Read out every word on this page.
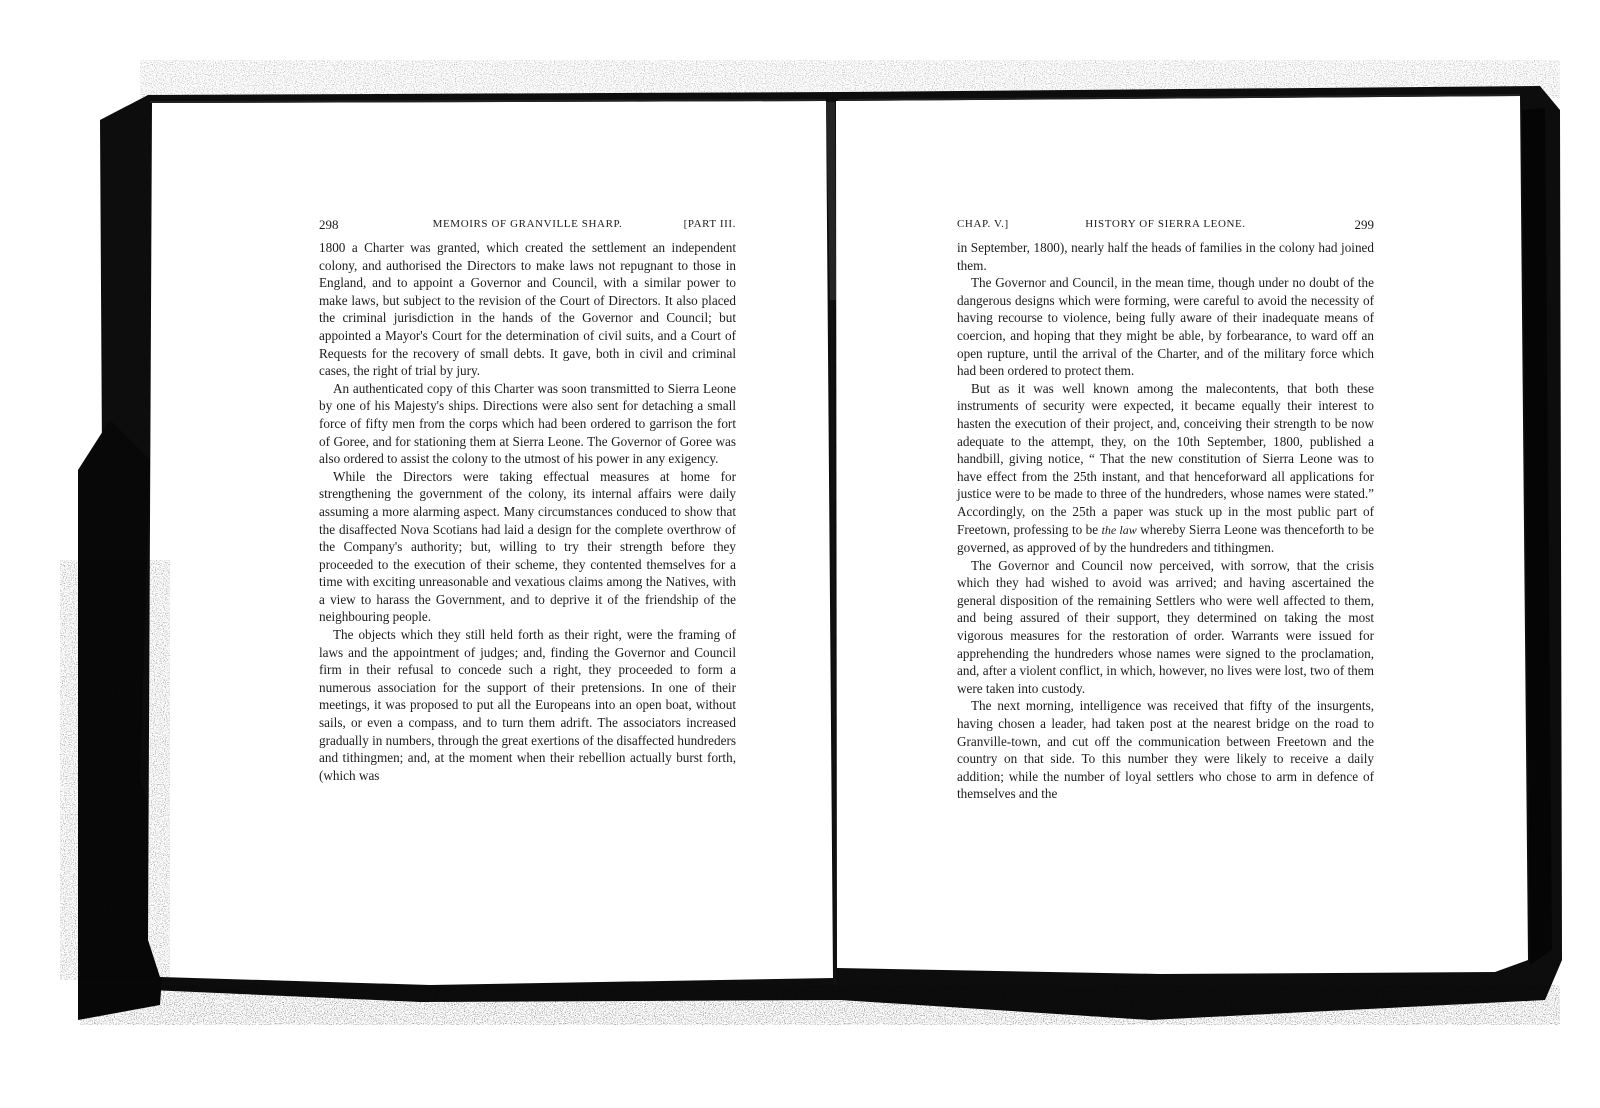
298	MEMOIRS OF GRANVILLE SHARP.	[PART III.

1800 a Charter was granted, which created the settlement an independent colony, and authorised the Directors to make laws not repugnant to those in England, and to appoint a Governor and Council, with a similar power to make laws, but subject to the revision of the Court of Directors. It also placed the criminal jurisdiction in the hands of the Governor and Council; but appointed a Mayor's Court for the determination of civil suits, and a Court of Requests for the recovery of small debts. It gave, both in civil and criminal cases, the right of trial by jury.

An authenticated copy of this Charter was soon transmitted to Sierra Leone by one of his Majesty's ships. Directions were also sent for detaching a small force of fifty men from the corps which had been ordered to garrison the fort of Goree, and for stationing them at Sierra Leone. The Governor of Goree was also ordered to assist the colony to the utmost of his power in any exigency.

While the Directors were taking effectual measures at home for strengthening the government of the colony, its internal affairs were daily assuming a more alarming aspect. Many circumstances conduced to show that the disaffected Nova Scotians had laid a design for the complete overthrow of the Company's authority; but, willing to try their strength before they proceeded to the execution of their scheme, they contented themselves for a time with exciting unreasonable and vexatious claims among the Natives, with a view to harass the Government, and to deprive it of the friendship of the neighbouring people.

The objects which they still held forth as their right, were the framing of laws and the appointment of judges; and, finding the Governor and Council firm in their refusal to concede such a right, they proceeded to form a numerous association for the support of their pretensions. In one of their meetings, it was proposed to put all the Europeans into an open boat, without sails, or even a compass, and to turn them adrift. The associators increased gradually in numbers, through the great exertions of the disaffected hundreders and tithingmen; and, at the moment when their rebellion actually burst forth, (which was

CHAP. V.]	HISTORY OF SIERRA LEONE.	299

in September, 1800), nearly half the heads of families in the colony had joined them.

The Governor and Council, in the mean time, though under no doubt of the dangerous designs which were forming, were careful to avoid the necessity of having recourse to violence, being fully aware of their inadequate means of coercion, and hoping that they might be able, by forbearance, to ward off an open rupture, until the arrival of the Charter, and of the military force which had been ordered to protect them.

But as it was well known among the malecontents, that both these instruments of security were expected, it became equally their interest to hasten the execution of their project, and, conceiving their strength to be now adequate to the attempt, they, on the 10th September, 1800, published a handbill, giving notice, “ That the new constitution of Sierra Leone was to have effect from the 25th instant, and that henceforward all applications for justice were to be made to three of the hundreders, whose names were stated.” Accordingly, on the 25th a paper was stuck up in the most public part of Freetown, professing to be the law whereby Sierra Leone was thenceforth to be governed, as approved of by the hundreders and tithingmen.

The Governor and Council now perceived, with sorrow, that the crisis which they had wished to avoid was arrived; and having ascertained the general disposition of the remaining Settlers who were well affected to them, and being assured of their support, they determined on taking the most vigorous measures for the restoration of order. Warrants were issued for apprehending the hundreders whose names were signed to the proclamation, and, after a violent conflict, in which, however, no lives were lost, two of them were taken into custody.

The next morning, intelligence was received that fifty of the insurgents, having chosen a leader, had taken post at the nearest bridge on the road to Granville-town, and cut off the communication between Freetown and the country on that side. To this number they were likely to receive a daily addition; while the number of loyal settlers who chose to arm in defence of themselves and the
